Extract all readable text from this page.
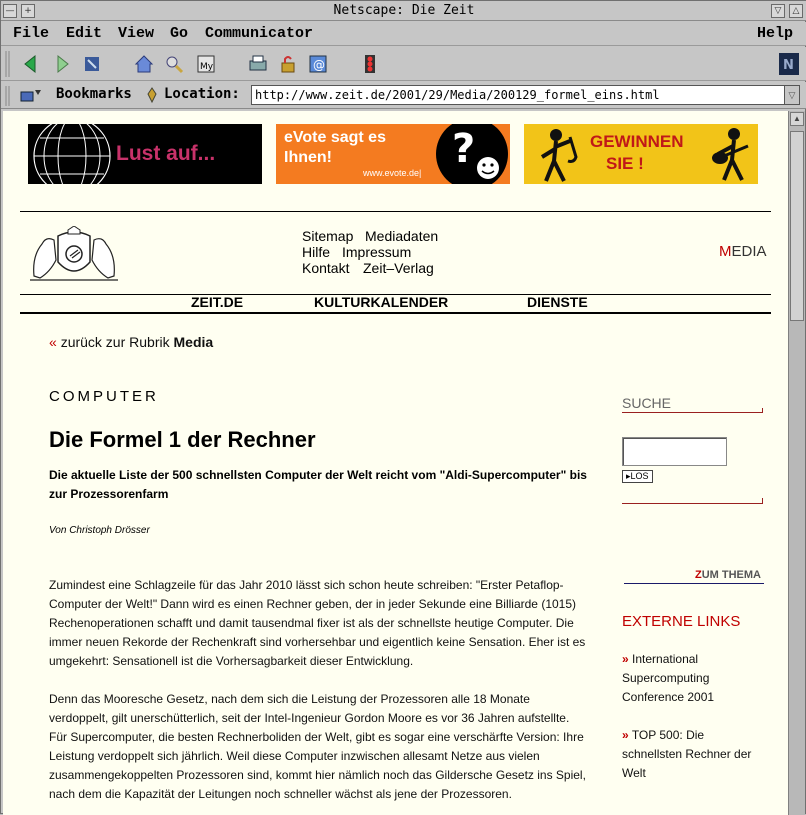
—	+	Netscape: Die Zeit	▽	△
File Edit View Go Communicator	Help
My	@	N
Bookmarks Location:	http://www.zeit.de/2001/29/Media/200129_formel_eins.html	▽
Lust auf...
eVote sagt es
Ihnen!
www.evote.de|
?	GEWINNEN
SIE !
Sitemap Mediadaten
Hilfe Impressum
Kontakt Zeit–Verlag
MEDIA
ZEIT.DE	KULTURKALENDER	DIENSTE
« zurück zur Rubrik Media
COMPUTER
Die Formel 1 der Rechner
Die aktuelle Liste der 500 schnellsten Computer der Welt reicht vom "Aldi-Supercomputer" bis zur Prozessorenfarm
Von Christoph Drösser

Zumindest eine Schlagzeile für das Jahr 2010 lässt sich schon heute schreiben: "Erster Petaflop-Computer der Welt!" Dann wird es einen Rechner geben, der in jeder Sekunde eine Billiarde (1015) Rechenoperationen schafft und damit tausendmal fixer ist als der schnellste heutige Computer. Die immer neuen Rekorde der Rechenkraft sind vorhersehbar und eigentlich keine Sensation. Eher ist es umgekehrt: Sensationell ist die Vorhersagbarkeit dieser Entwicklung.

Denn das Mooresche Gesetz, nach dem sich die Leistung der Prozessoren alle 18 Monate verdoppelt, gilt unerschütterlich, seit der Intel-Ingenieur Gordon Moore es vor 36 Jahren aufstellte. Für Supercomputer, die besten Rechnerboliden der Welt, gibt es sogar eine verschärfte Version: Ihre Leistung verdoppelt sich jährlich. Weil diese Computer inzwischen allesamt Netze aus vielen zusammengekoppelten Prozessoren sind, kommt hier nämlich noch das Gildersche Gesetz ins Spiel, nach dem die Kapazität der Leitungen noch schneller wächst als jene der Prozessoren.

SUCHE
▸LOS
ZUM THEMA
EXTERNE LINKS
» International Supercomputing Conference 2001
» TOP 500: Die schnellsten Rechner der Welt
▲
